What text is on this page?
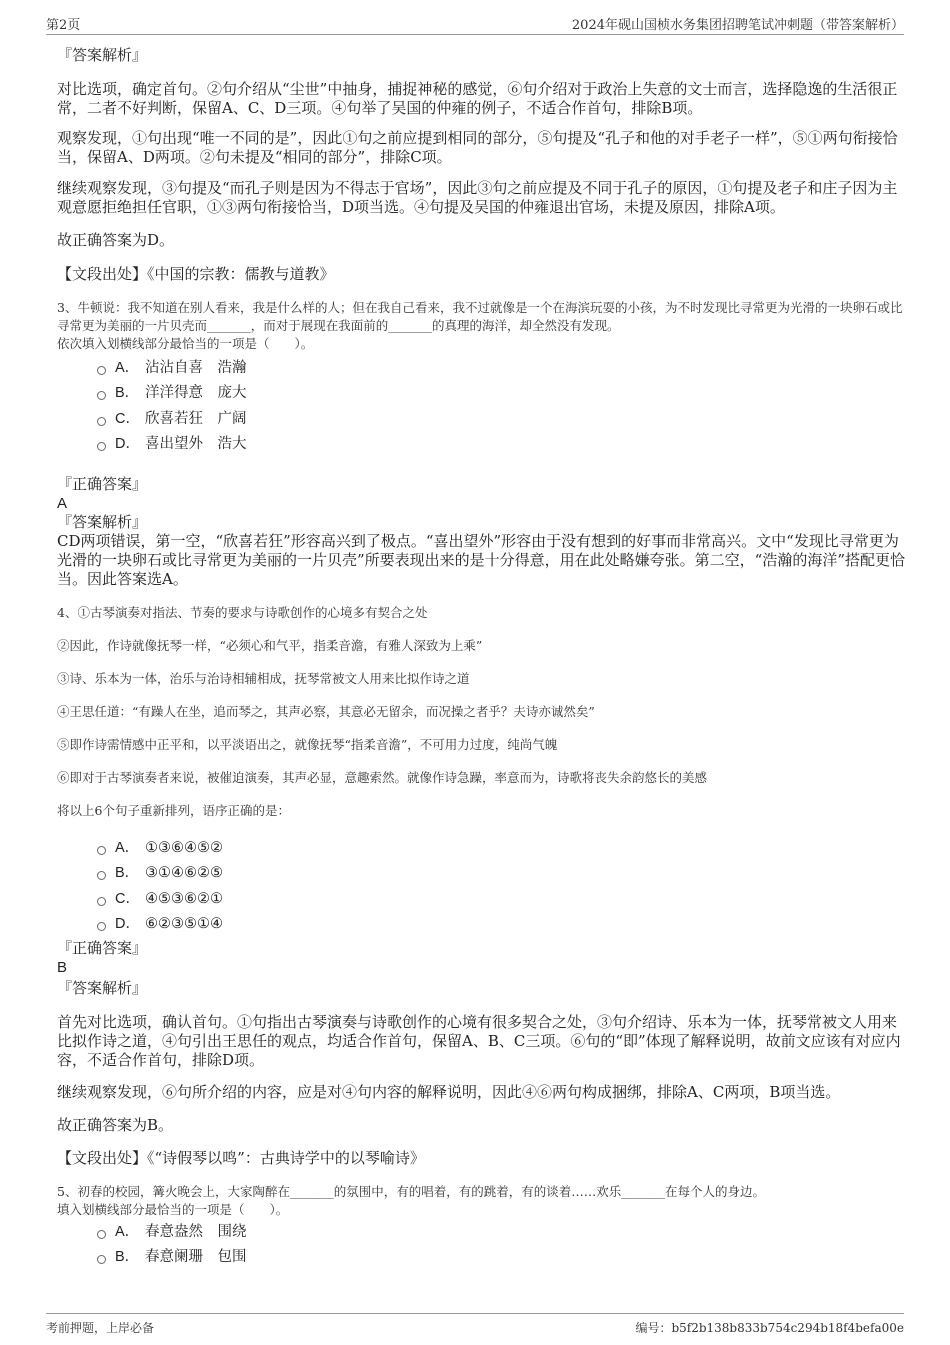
第2页	2024年砚山国桢水务集团招聘笔试冲刺题（带答案解析）

『答案解析』

对比选项，确定首句。②句介绍从“尘世”中抽身，捕捉神秘的感觉，⑥句介绍对于政治上失意的文士而言，选择隐逸的生活很正常，二者不好判断，保留A、C、D三项。④句举了吴国的仲雍的例子，不适合作首句，排除B项。

观察发现，①句出现“唯一不同的是”，因此①句之前应提到相同的部分，⑤句提及“孔子和他的对手老子一样”，⑤①两句衔接恰当，保留A、D两项。②句未提及“相同的部分”，排除C项。

继续观察发现，③句提及“而孔子则是因为不得志于官场”，因此③句之前应提及不同于孔子的原因，①句提及老子和庄子因为主观意愿拒绝担任官职，①③两句衔接恰当，D项当选。④句提及吴国的仲雍退出官场，未提及原因，排除A项。

故正确答案为D。

【文段出处】《中国的宗教：儒教与道教》

3、牛顿说：我不知道在别人看来，我是什么样的人；但在我自己看来，我不过就像是一个在海滨玩耍的小孩，为不时发现比寻常更为光滑的一块卵石或比寻常更为美丽的一片贝壳而_______，而对于展现在我面前的_______的真理的海洋，却全然没有发现。

依次填入划横线部分最恰当的一项是（　　）。

A． 沾沾自喜　浩瀚
B． 洋洋得意　庞大
C． 欣喜若狂　广阔
D． 喜出望外　浩大

『正确答案』

A

『答案解析』

CD两项错误，第一空，“欣喜若狂”形容高兴到了极点。“喜出望外”形容由于没有想到的好事而非常高兴。文中“发现比寻常更为光滑的一块卵石或比寻常更为美丽的一片贝壳”所要表现出来的是十分得意，用在此处略嫌夸张。第二空，“浩瀚的海洋”搭配更恰当。因此答案选A。

4、①古琴演奏对指法、节奏的要求与诗歌创作的心境多有契合之处

②因此，作诗就像抚琴一样，“必须心和气平，指柔音澹，有雅人深致为上乘”

③诗、乐本为一体，治乐与治诗相辅相成，抚琴常被文人用来比拟作诗之道

④王思任道：“有躁人在坐，追而琴之，其声必察，其意必无留余，而况操之者乎？夫诗亦诚然矣”

⑤即作诗需情感中正平和，以平淡语出之，就像抚琴“指柔音澹”，不可用力过度，纯尚气魄

⑥即对于古琴演奏者来说，被催迫演奏，其声必显，意趣索然。就像作诗急躁，率意而为，诗歌将丧失余韵悠长的美感

将以上6个句子重新排列，语序正确的是：

A． ①③⑥④⑤②
B． ③①④⑥②⑤
C． ④⑤③⑥②①
D． ⑥②③⑤①④

『正确答案』

B

『答案解析』

首先对比选项，确认首句。①句指出古琴演奏与诗歌创作的心境有很多契合之处，③句介绍诗、乐本为一体，抚琴常被文人用来比拟作诗之道，④句引出王思任的观点，均适合作首句，保留A、B、C三项。⑥句的“即”体现了解释说明，故前文应该有对应内容，不适合作首句，排除D项。

继续观察发现，⑥句所介绍的内容，应是对④句内容的解释说明，因此④⑥两句构成捆绑，排除A、C两项，B项当选。

故正确答案为B。

【文段出处】《“诗假琴以鸣”：古典诗学中的以琴喻诗》

5、初春的校园，篝火晚会上，大家陶醉在_______的氛围中，有的唱着，有的跳着，有的谈着……欢乐_______在每个人的身边。

填入划横线部分最恰当的一项是（　　）。

A． 春意盎然　围绕
B． 春意阑珊　包围
考前押题，上岸必备	编号：b5f2b138b833b754c294b18f4befa00e
